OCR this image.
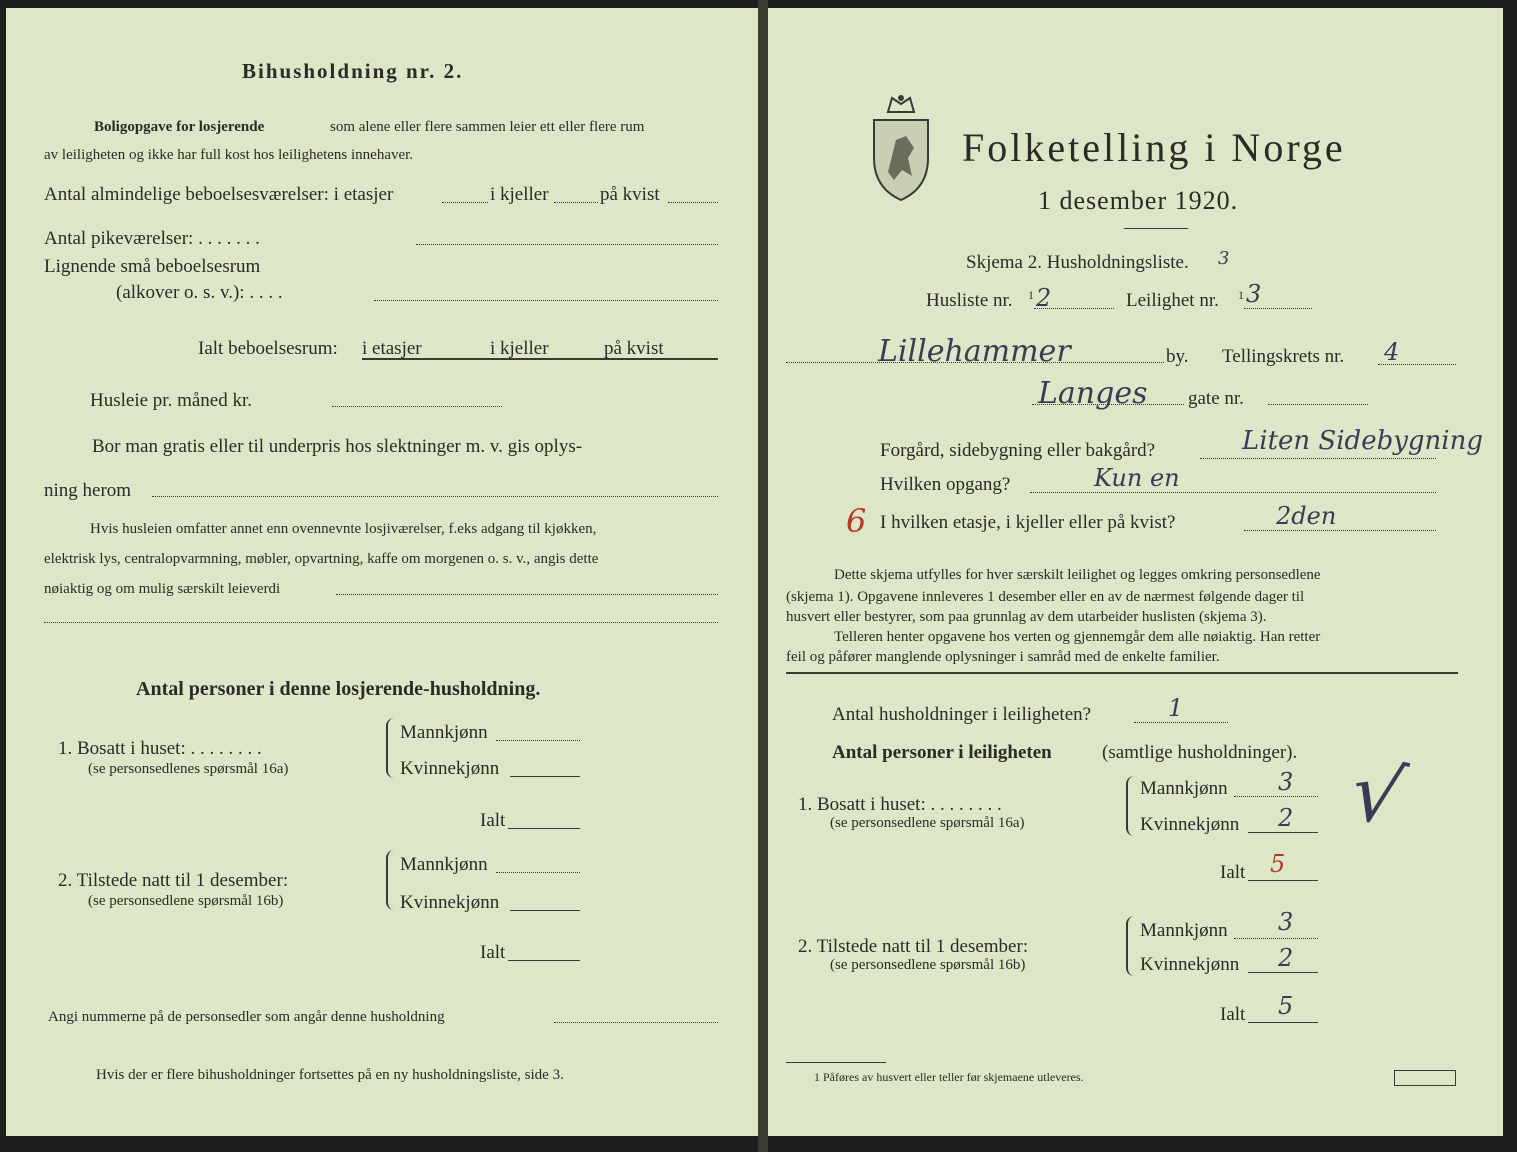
Bihusholdning nr. 2.
Boligopgave for losjerende	som alene eller flere sammen leier ett eller flere rum
av leiligheten og ikke har full kost hos leilighetens innehaver.
Antal almindelige beboelsesværelser: i etasjer	i kjeller	på kvist
Antal pikeværelser: . . . . . . .
Lignende små beboelsesrum
(alkover o. s. v.): . . . .
Ialt beboelsesrum: i etasjer	i kjeller	på kvist
Husleie pr. måned kr.
Bor man gratis eller til underpris hos slektninger m. v. gis oplys-
ning herom
Hvis husleien omfatter annet enn ovennevnte losjiværelser, f.eks adgang til kjøkken,
elektrisk lys, centralopvarmning, møbler, opvartning, kaffe om morgenen o. s. v., angis dette
nøiaktig og om mulig særskilt leieverdi
Antal personer i denne losjerende-husholdning.
1. Bosatt i huset: . . . . . . . .
(se personsedlenes spørsmål 16a)
Mannkjønn
Kvinnekjønn
Ialt
2. Tilstede natt til 1 desember:
(se personsedlene spørsmål 16b)
Mannkjønn
Kvinnekjønn
Ialt
Angi nummerne på de personsedler som angår denne husholdning
Hvis der er flere bihusholdninger fortsettes på en ny husholdningsliste, side 3.
Folketelling i Norge
1 desember 1920.
Skjema 2. Husholdningsliste. 3
Husliste nr. 1 2	Leilighet nr. 1 3
Lillehammer	by. Tellingskrets nr. 4
Langes gate nr.
Forgård, sidebygning eller bakgård?	Liten Sidebygning
Hvilken opgang?	Kun en
6 I hvilken etasje, i kjeller eller på kvist?	2den
Dette skjema utfylles for hver særskilt leilighet og legges omkring personsedlene
(skjema 1). Opgavene innleveres 1 desember eller en av de nærmest følgende dager til
husvert eller bestyrer, som paa grunnlag av dem utarbeider huslisten (skjema 3).
Telleren henter opgavene hos verten og gjennemgår dem alle nøiaktig. Han retter
feil og påfører manglende oplysninger i samråd med de enkelte familier.
Antal husholdninger i leiligheten?	1
Antal personer i leiligheten	(samtlige husholdninger).
1. Bosatt i huset: . . . . . . . .
(se personsedlene spørsmål 16a)
Mannkjønn 3
Kvinnekjønn 2
Ialt 5
√
2. Tilstede natt til 1 desember:
(se personsedlene spørsmål 16b)
Mannkjønn 3
Kvinnekjønn 2
Ialt 5
1 Påføres av husvert eller teller før skjemaene utleveres.
